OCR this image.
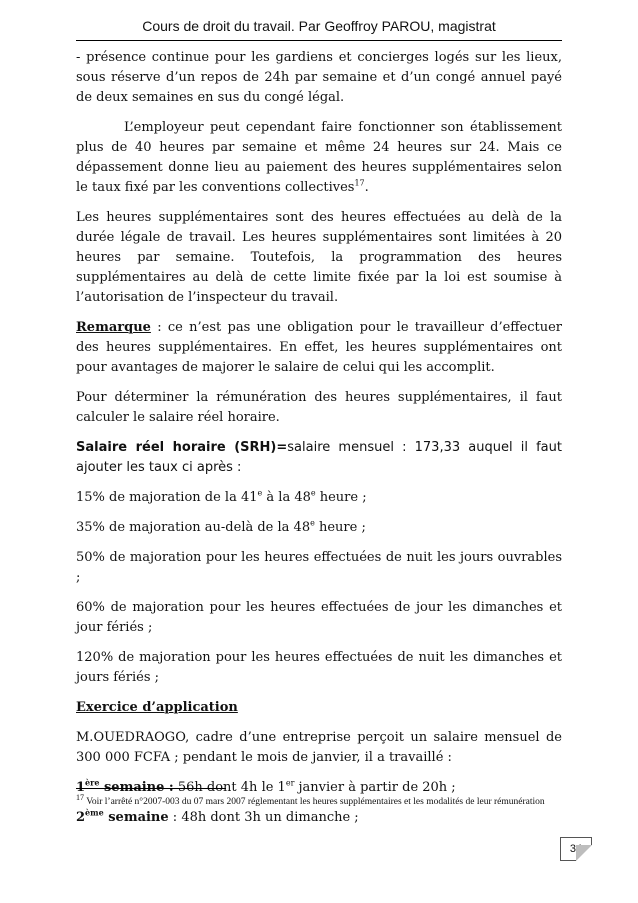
Cours de droit du travail. Par Geoffroy PAROU, magistrat

- présence continue pour les gardiens et concierges logés sur les lieux, sous réserve d’un repos de 24h par semaine et d’un congé annuel payé de deux semaines en sus du congé légal.

L’employeur peut cependant faire fonctionner son établissement plus de 40 heures par semaine et même 24 heures sur 24. Mais ce dépassement donne lieu au paiement des heures supplémentaires selon le taux fixé par les conventions collectives$^{17}$.

Les heures supplémentaires sont des heures effectuées au delà de la durée légale de travail. Les heures supplémentaires sont limitées à 20 heures par semaine. Toutefois, la programmation des heures supplémentaires au delà de cette limite fixée par la loi est soumise à l’autorisation de l’inspecteur du travail.

Remarque : ce n’est pas une obligation pour le travailleur d’effectuer des heures supplémentaires. En effet, les heures supplémentaires ont pour avantages de majorer le salaire de celui qui les accomplit.

Pour déterminer la rémunération des heures supplémentaires, il faut calculer le salaire réel horaire.

Salaire réel horaire (SRH)=salaire mensuel : 173,33 auquel il faut ajouter les taux ci après :

15% de majoration de la 41e à la 48e heure ;

35% de majoration au-delà de la 48e heure ;

50% de majoration pour les heures effectuées de nuit les jours ouvrables ;

60% de majoration pour les heures effectuées de jour les dimanches et jour fériés ;

120% de majoration pour les heures effectuées de nuit les dimanches et jours fériés ;

Exercice d’application

M.OUEDRAOGO, cadre d’une entreprise perçoit un salaire mensuel de 300 000 FCFA ; pendant le mois de janvier, il a travaillé :

1ère semaine : 56h dont 4h le 1er janvier à partir de 20h ;

2ème semaine : 48h dont 3h un dimanche ;

$^{17}$ Voir l’arrêté n°2007-003 du 07 mars 2007 réglementant les heures supplémentaires et les modalités de leur rémunération
34
